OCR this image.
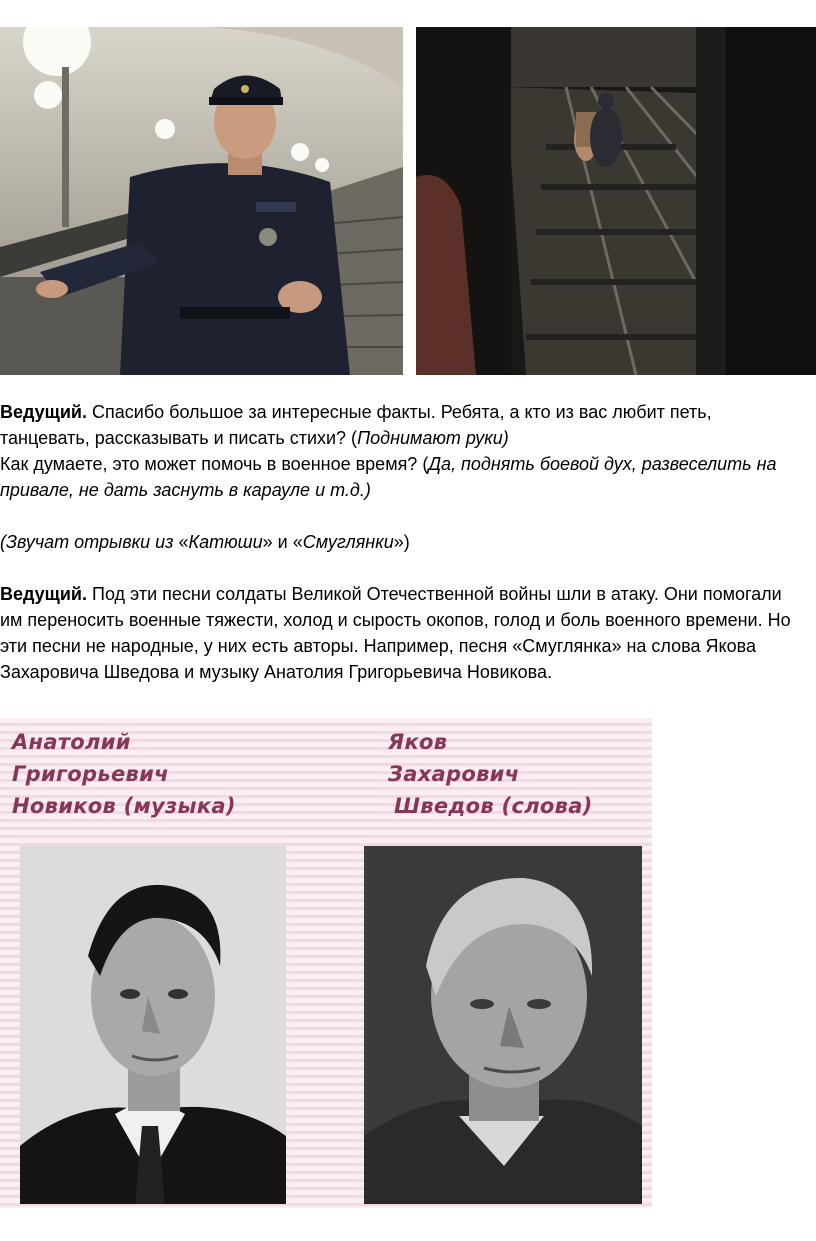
Ведущий. Спасибо большое за интересные факты. Ребята, а кто из вас любит петь, танцевать, рассказывать и писать стихи? (Поднимают руки)

Как думаете, это может помочь в военное время? (Да, поднять боевой дух, развеселить на привале, не дать заснуть в карауле и т.д.)

(Звучат отрывки из «Катюши» и «Смуглянки»)

Ведущий. Под эти песни солдаты Великой Отечественной войны шли в атаку. Они помогали им переносить военные тяжести, холод и сырость окопов, голод и боль военного времени. Но эти песни не народные, у них есть авторы. Например, песня «Смуглянка» на слова Якова Захаровича Шведова и музыку Анатолия Григорьевича Новикова.

Анатолий
Григорьевич
Новиков (музыка)
Яков
Захарович
Шведов (слова)
